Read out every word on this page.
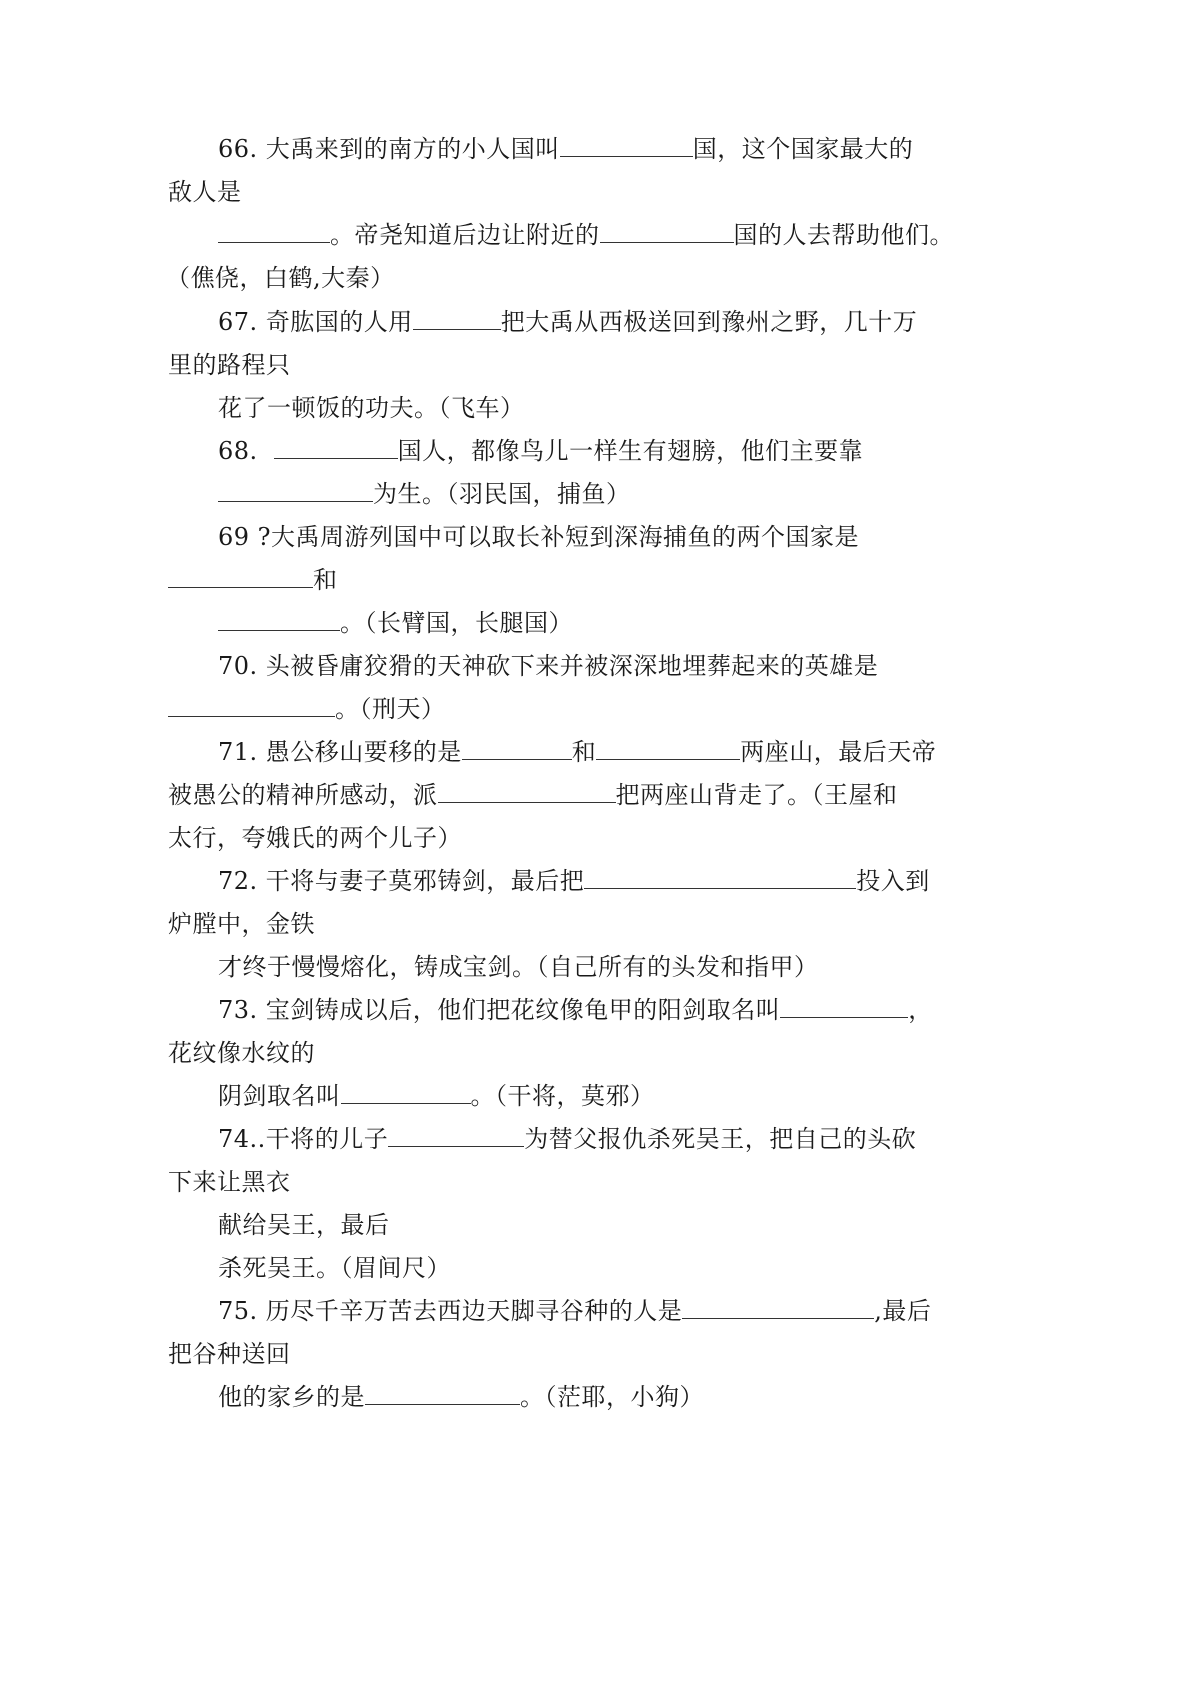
66. 大禹来到的南方的小人国叫	国，这个国家最大的
敌人是
。帝尧知道后边让附近的	国的人去帮助他们。
（僬侥，白鹤,大秦）
67. 奇肱国的人用	把大禹从西极送回到豫州之野，几十万
里的路程只
花了一顿饭的功夫。（飞车）
68.	国人，都像鸟儿一样生有翅膀，他们主要靠
为生。（羽民国，捕鱼）
69 ?大禹周游列国中可以取长补短到深海捕鱼的两个国家是
和
。（长臂国，长腿国）
70. 头被昏庸狡猾的天神砍下来并被深深地埋葬起来的英雄是
。（刑天）
71. 愚公移山要移的是	和	两座山，最后天帝
被愚公的精神所感动，派	把两座山背走了。（王屋和
太行，夸娥氏的两个儿子）
72. 干将与妻子莫邪铸剑，最后把	投入到
炉膛中，金铁
才终于慢慢熔化，铸成宝剑。（自己所有的头发和指甲）
73. 宝剑铸成以后，他们把花纹像龟甲的阳剑取名叫	，
花纹像水纹的
阴剑取名叫	。（干将，莫邪）
74..干将的儿子	为替父报仇杀死吴王，把自己的头砍
下来让黑衣
献给吴王，最后
杀死吴王。（眉间尺）
75. 历尽千辛万苦去西边天脚寻谷种的人是	,最后
把谷种送回
他的家乡的是	。（茫耶，小狗）
